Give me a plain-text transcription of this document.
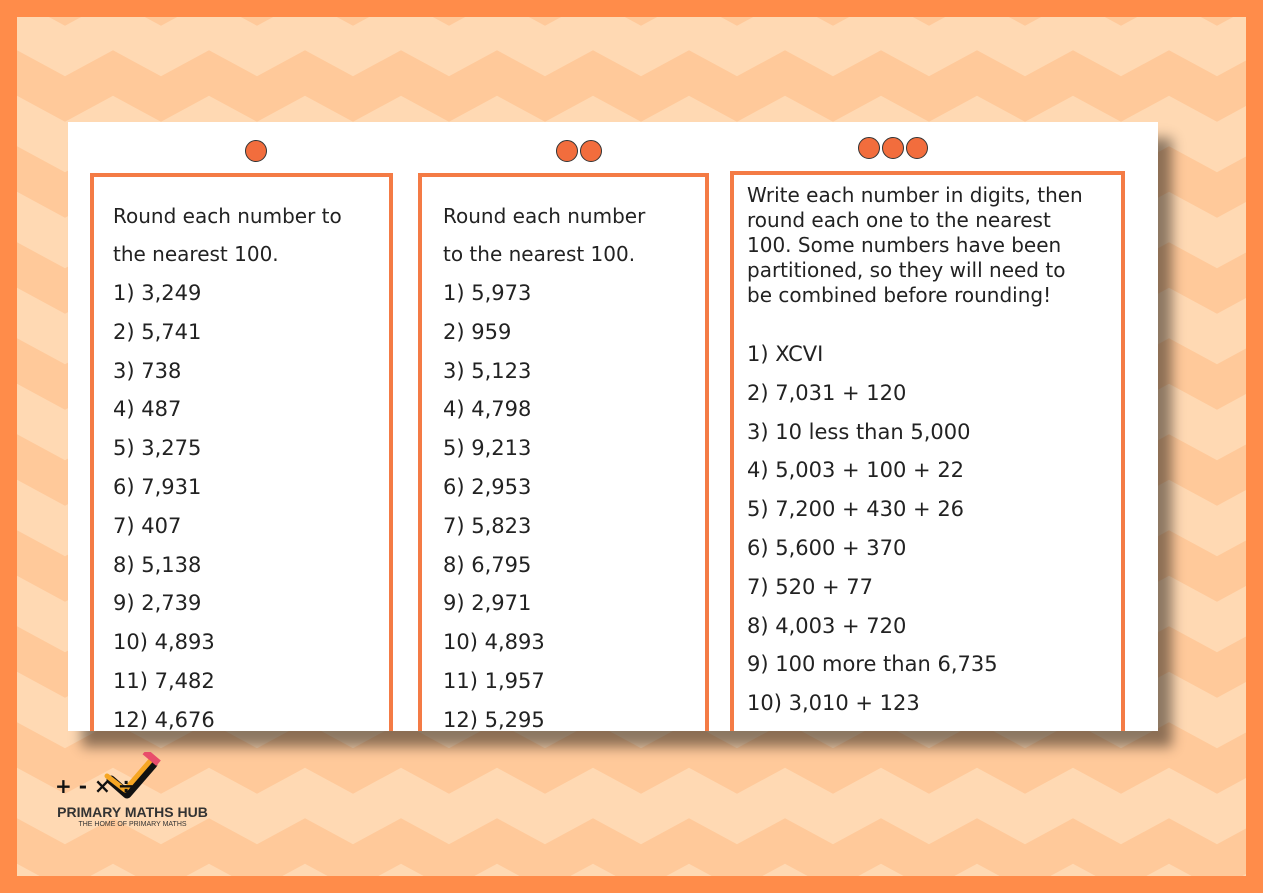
Round each number to
the nearest 100.
1) 3,249
2) 5,741
3) 738
4) 487
5) 3,275
6) 7,931
7) 407
8) 5,138
9) 2,739
10) 4,893
11) 7,482
12) 4,676
Round each number
to the nearest 100.
1) 5,973
2) 959
3) 5,123
4) 4,798
5) 9,213
6) 2,953
7) 5,823
8) 6,795
9) 2,971
10) 4,893
11) 1,957
12) 5,295
Write each number in digits, then
round each one to the nearest
100. Some numbers have been
partitioned, so they will need to
be combined before rounding!
1) XCVI
2) 7,031 + 120
3) 10 less than 5,000
4) 5,003 + 100 + 22
5) 7,200 + 430 + 26
6) 5,600 + 370
7) 520 + 77
8) 4,003 + 720
9) 100 more than 6,735
10) 3,010 + 123
+ - × ÷
PRIMARY MATHS HUB
THE HOME OF PRIMARY MATHS
